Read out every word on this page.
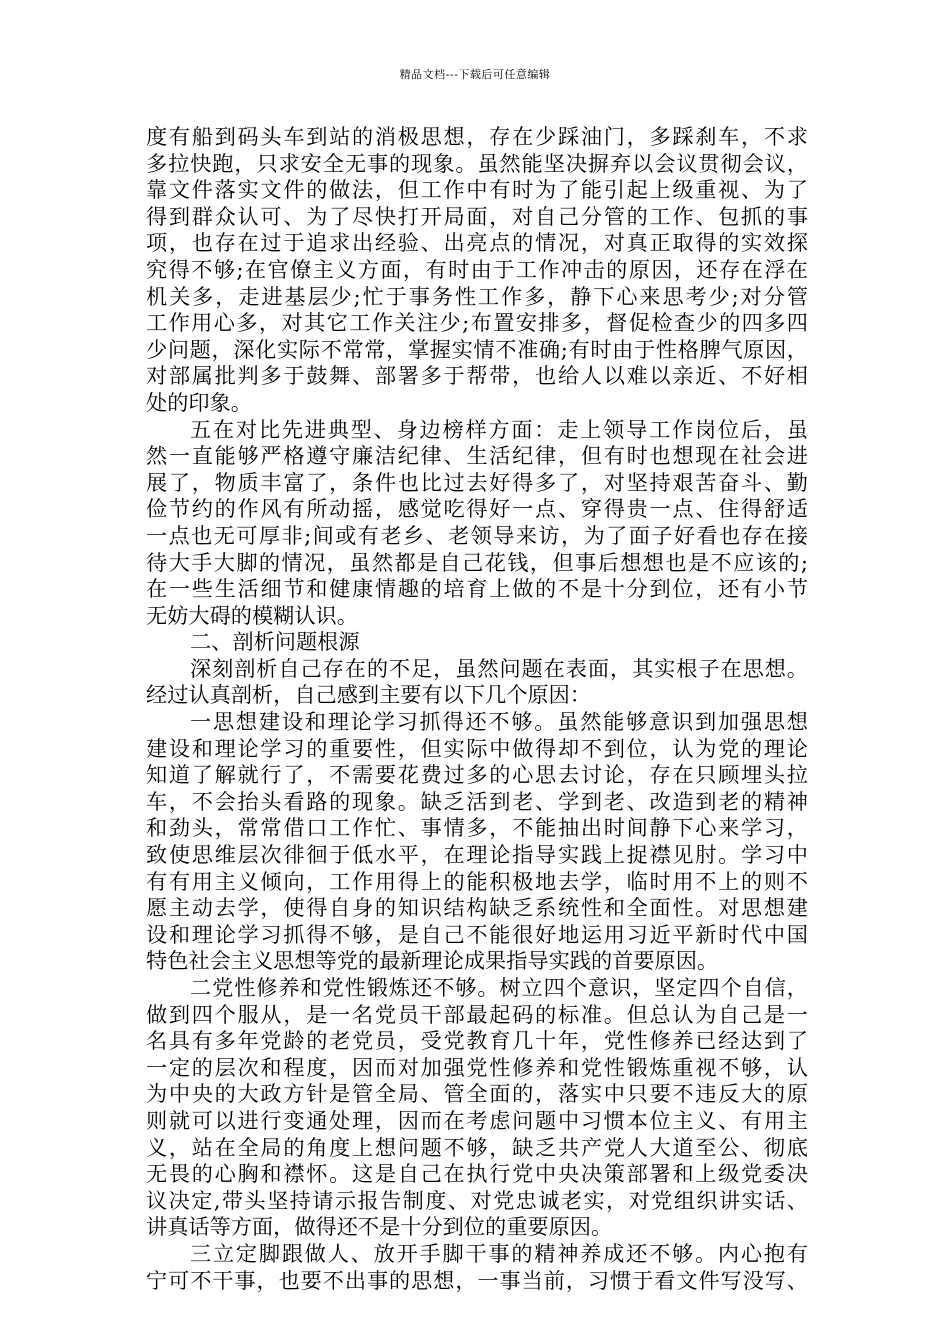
精品文档---下载后可任意编辑
度有船到码头车到站的消极思想，存在少踩油门，多踩刹车，不求
多拉快跑，只求安全无事的现象。虽然能坚决摒弃以会议贯彻会议，
靠文件落实文件的做法，但工作中有时为了能引起上级重视、为了
得到群众认可、为了尽快打开局面，对自己分管的工作、包抓的事
项，也存在过于追求出经验、出亮点的情况，对真正取得的实效探
究得不够;在官僚主义方面，有时由于工作冲击的原因，还存在浮在
机关多，走进基层少;忙于事务性工作多，静下心来思考少;对分管
工作用心多，对其它工作关注少;布置安排多，督促检查少的四多四
少问题，深化实际不常常，掌握实情不准确;有时由于性格脾气原因，
对部属批判多于鼓舞、部署多于帮带，也给人以难以亲近、不好相
处的印象。
五在对比先进典型、身边榜样方面：走上领导工作岗位后，虽
然一直能够严格遵守廉洁纪律、生活纪律，但有时也想现在社会进
展了，物质丰富了，条件也比过去好得多了，对坚持艰苦奋斗、勤
俭节约的作风有所动摇，感觉吃得好一点、穿得贵一点、住得舒适
一点也无可厚非;间或有老乡、老领导来访，为了面子好看也存在接
待大手大脚的情况，虽然都是自己花钱，但事后想想也是不应该的;
在一些生活细节和健康情趣的培育上做的不是十分到位，还有小节
无妨大碍的模糊认识。
二、剖析问题根源
深刻剖析自己存在的不足，虽然问题在表面，其实根子在思想。
经过认真剖析，自己感到主要有以下几个原因：
一思想建设和理论学习抓得还不够。虽然能够意识到加强思想
建设和理论学习的重要性，但实际中做得却不到位，认为党的理论
知道了解就行了，不需要花费过多的心思去讨论，存在只顾埋头拉
车，不会抬头看路的现象。缺乏活到老、学到老、改造到老的精神
和劲头，常常借口工作忙、事情多，不能抽出时间静下心来学习，
致使思维层次徘徊于低水平，在理论指导实践上捉襟见肘。学习中
有有用主义倾向，工作用得上的能积极地去学，临时用不上的则不
愿主动去学，使得自身的知识结构缺乏系统性和全面性。对思想建
设和理论学习抓得不够，是自己不能很好地运用习近平新时代中国
特色社会主义思想等党的最新理论成果指导实践的首要原因。
二党性修养和党性锻炼还不够。树立四个意识，坚定四个自信，
做到四个服从，是一名党员干部最起码的标准。但总认为自己是一
名具有多年党龄的老党员，受党教育几十年，党性修养已经达到了
一定的层次和程度，因而对加强党性修养和党性锻炼重视不够，认
为中央的大政方针是管全局、管全面的，落实中只要不违反大的原
则就可以进行变通处理，因而在考虑问题中习惯本位主义、有用主
义，站在全局的角度上想问题不够，缺乏共产党人大道至公、彻底
无畏的心胸和襟怀。这是自己在执行党中央决策部署和上级党委决
议决定,带头坚持请示报告制度、对党忠诚老实，对党组织讲实话、
讲真话等方面，做得还不是十分到位的重要原因。
三立定脚跟做人、放开手脚干事的精神养成还不够。内心抱有
宁可不干事，也要不出事的思想，一事当前，习惯于看文件写没写、
